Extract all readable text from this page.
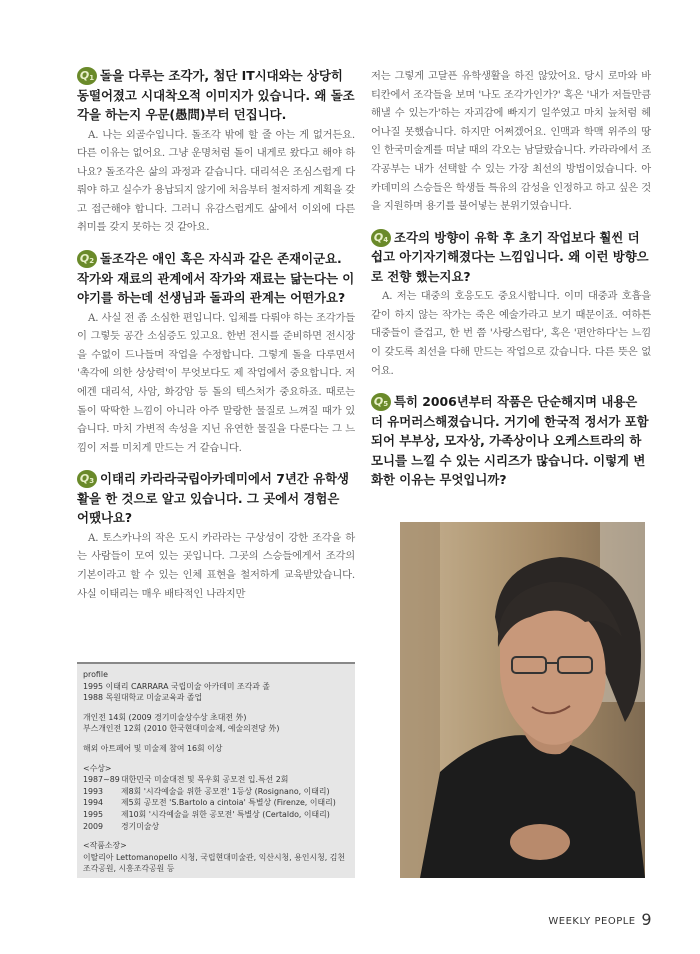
$Q_1$ 돌을 다루는 조각가, 첨단 IT시대와는 상당히 동떨어졌고 시대착오적 이미지가 있습니다. 왜 돌조각을 하는지 우문(愚問)부터 던집니다.

A. 나는 외골수입니다. 돌조각 밖에 할 줄 아는 게 없거든요. 다른 이유는 없어요. 그냥 운명처럼 돌이 내게로 왔다고 해야 하나요? 돌조각은 삶의 과정과 같습니다. 대리석은 조심스럽게 다뤄야 하고 실수가 용납되지 않기에 처음부터 철저하게 계획을 갖고 접근해야 합니다. 그러니 유감스럽게도 삶에서 이외에 다른 취미를 갖지 못하는 것 같아요.

$Q_2$ 돌조각은 애인 혹은 자식과 같은 존재이군요. 작가와 재료의 관계에서 작가와 재료는 닮는다는 이야기를 하는데 선생님과 돌과의 관계는 어떤가요?

A. 사실 전 좀 소심한 편입니다. 입체를 다뤄야 하는 조각가들이 그렇듯 공간 소심증도 있고요. 한번 전시를 준비하면 전시장을 수없이 드나들며 작업을 수정합니다. 그렇게 돌을 다루면서 '촉각에 의한 상상력'이 무엇보다도 제 작업에서 중요합니다. 저에겐 대리석, 사암, 화강암 등 돌의 텍스처가 중요하죠. 때로는 돌이 딱딱한 느낌이 아니라 아주 말랑한 물질로 느껴질 때가 있습니다. 마치 가변적 속성을 지닌 유연한 물질을 다룬다는 그 느낌이 저를 미치게 만드는 거 같습니다.

$Q_3$ 이태리 카라라국립아카데미에서 7년간 유학생활을 한 것으로 알고 있습니다. 그 곳에서 경험은 어땠나요?

A. 토스카나의 작은 도시 카라라는 구상성이 강한 조각을 하는 사람들이 모여 있는 곳입니다. 그곳의 스승들에게서 조각의 기본이라고 할 수 있는 인체 표현을 철저하게 교육받았습니다. 사실 이태리는 매우 배타적인 나라지만

저는 그렇게 고달픈 유학생활을 하진 않았어요. 당시 로마와 바티칸에서 조각들을 보며 '나도 조각가인가?' 혹은 '내가 저들만큼 해낼 수 있는가'하는 자괴감에 빠지기 일쑤였고 마치 늪처럼 헤어나질 못했습니다. 하지만 어쩌겠어요. 인맥과 학맥 위주의 땅인 한국미술계를 떠날 때의 각오는 남달랐습니다. 카라라에서 조각공부는 내가 선택할 수 있는 가장 최선의 방법이었습니다. 아카데미의 스승들은 학생들 특유의 감성을 인정하고 하고 싶은 것을 지원하며 용기를 불어넣는 분위기였습니다.

$Q_4$ 조각의 방향이 유학 후 초기 작업보다 훨씬 더 쉽고 아기자기해졌다는 느낌입니다. 왜 이런 방향으로 전향 했는지요?

A. 저는 대중의 호응도도 중요시합니다. 이미 대중과 호흡을 같이 하지 않는 작가는 죽은 예술가라고 보기 때문이죠. 여하튼 대중들이 즐겁고, 한 번 쯤 '사랑스럽다', 혹은 '편안하다'는 느낌이 갖도록 최선을 다해 만드는 작업으로 갔습니다. 다른 뜻은 없어요.

$Q_5$ 특히 2006년부터 작품은 단순해지며 내용은 더 유머러스해졌습니다. 거기에 한국적 정서가 포함되어 부부상, 모자상, 가족상이나 오케스트라의 하모니를 느낄 수 있는 시리즈가 많습니다. 이렇게 변화한 이유는 무엇입니까?

profile

1995 이태리 CARRARA 국립미술 아카데미 조각과 졸

1988 목원대학교 미술교육과 졸업

개인전 14회 (2009 경기미술상수상 초대전 外)

부스개인전 12회 (2010 한국현대미술제, 예술의전당 外)

해외 아트페어 및 미술제 참여 16회 이상

<수상>

1987~89 대한민국 미술대전 및 목우회 공모전 입.특선 2회
1993	제8회 '시각예술을 위한 공모전' 1등상 (Rosignano, 이태리)
1994	제5회 공모전 'S.Bartolo a cintoia' 특별상 (Firenze, 이태리)
1995	제10회 '시각예술을 위한 공모전' 특별상 (Certaldo, 이태리)
2009	경기미술상

<작품소장>

이탈리아 Lettomanopello 시청, 국립현대미술관, 익산시청, 용인시청, 김천조각공원, 시흥조각공원 등

WEEKLY PEOPLE 9
